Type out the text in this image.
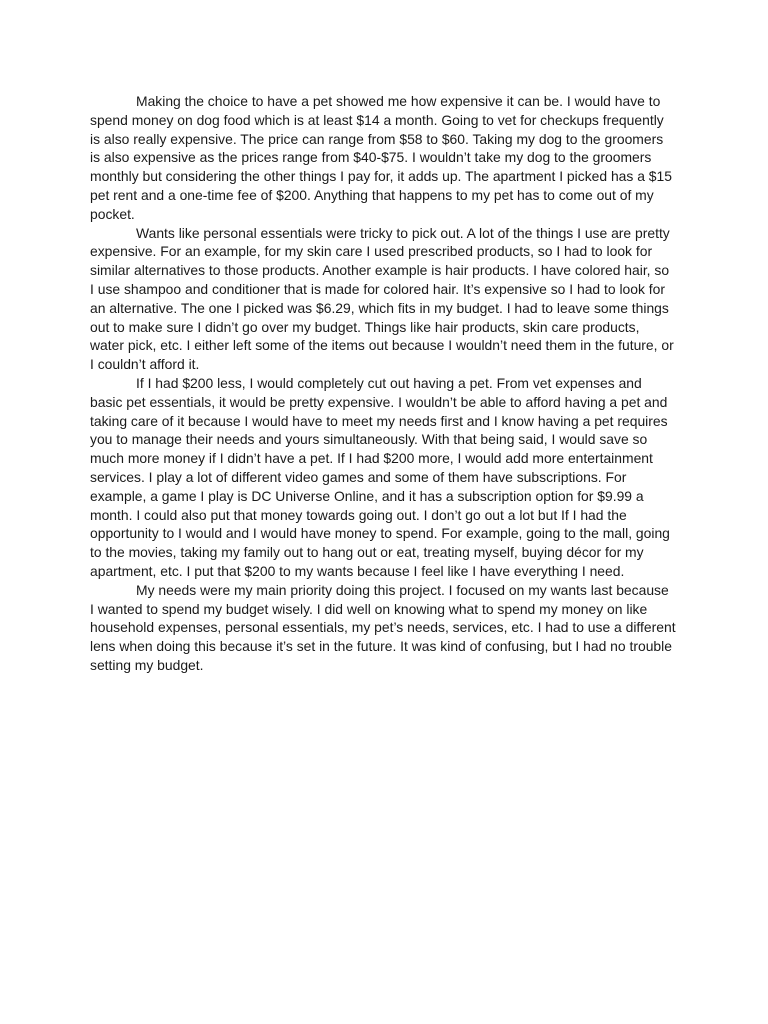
Making the choice to have a pet showed me how expensive it can be. I would have to spend money on dog food which is at least $14 a month. Going to vet for checkups frequently is also really expensive. The price can range from $58 to $60. Taking my dog to the groomers is also expensive as the prices range from $40-$75. I wouldn’t take my dog to the groomers monthly but considering the other things I pay for, it adds up. The apartment I picked has a $15 pet rent and a one-time fee of $200. Anything that happens to my pet has to come out of my pocket.

Wants like personal essentials were tricky to pick out. A lot of the things I use are pretty expensive. For an example, for my skin care I used prescribed products, so I had to look for similar alternatives to those products. Another example is hair products. I have colored hair, so I use shampoo and conditioner that is made for colored hair. It’s expensive so I had to look for an alternative. The one I picked was $6.29, which fits in my budget. I had to leave some things out to make sure I didn’t go over my budget. Things like hair products, skin care products, water pick, etc. I either left some of the items out because I wouldn’t need them in the future, or I couldn’t afford it.

If I had $200 less, I would completely cut out having a pet. From vet expenses and basic pet essentials, it would be pretty expensive. I wouldn’t be able to afford having a pet and taking care of it because I would have to meet my needs first and I know having a pet requires you to manage their needs and yours simultaneously. With that being said, I would save so much more money if I didn’t have a pet. If I had $200 more, I would add more entertainment services. I play a lot of different video games and some of them have subscriptions. For example, a game I play is DC Universe Online, and it has a subscription option for $9.99 a month. I could also put that money towards going out. I don’t go out a lot but If I had the opportunity to I would and I would have money to spend. For example, going to the mall, going to the movies, taking my family out to hang out or eat, treating myself, buying décor for my apartment, etc. I put that $200 to my wants because I feel like I have everything I need.

My needs were my main priority doing this project. I focused on my wants last because I wanted to spend my budget wisely. I did well on knowing what to spend my money on like household expenses, personal essentials, my pet’s needs, services, etc. I had to use a different lens when doing this because it’s set in the future. It was kind of confusing, but I had no trouble setting my budget.
